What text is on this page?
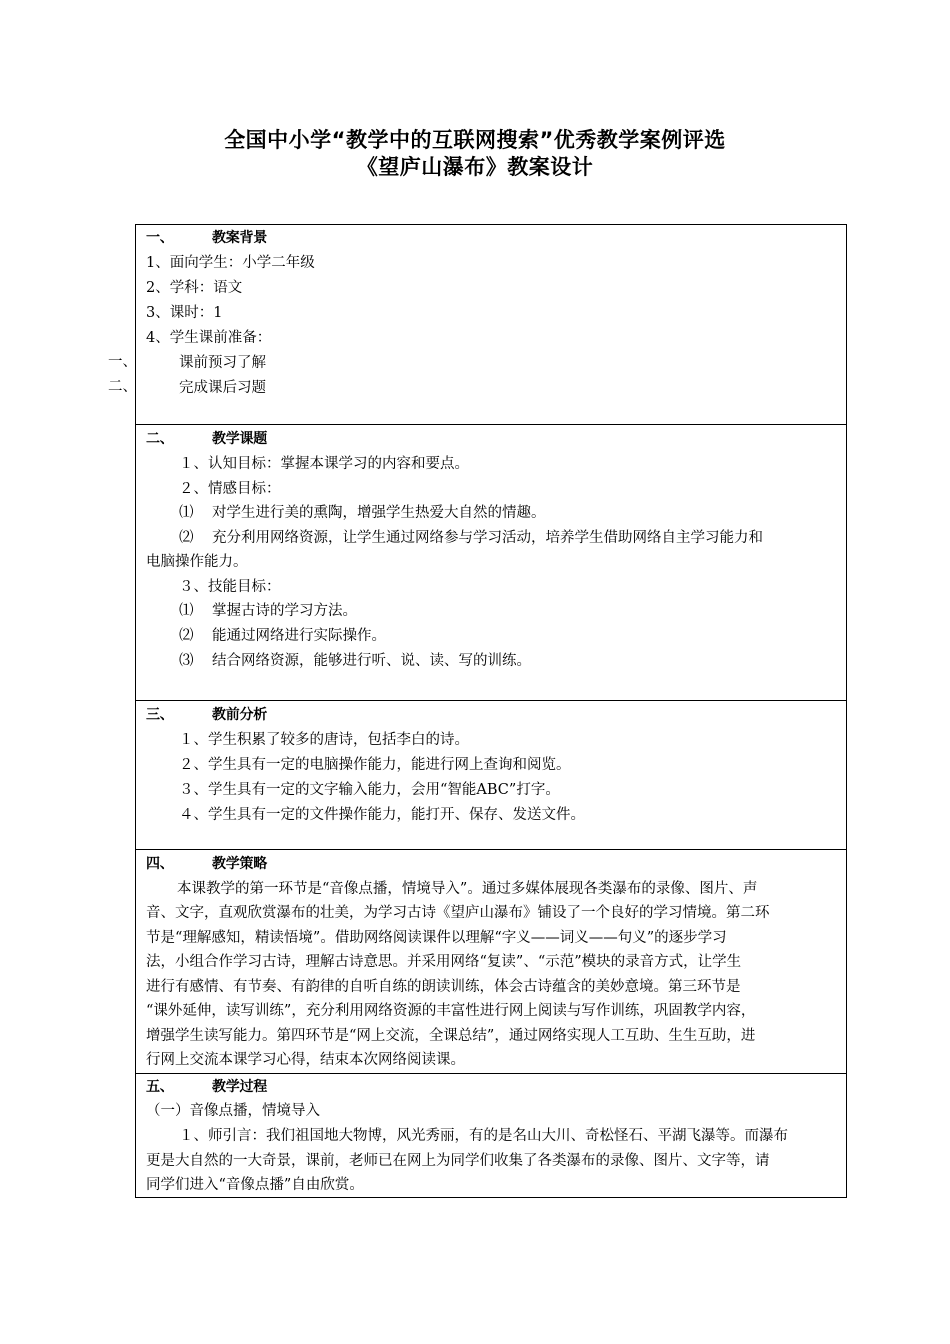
全国中小学“教学中的互联网搜索”优秀教学案例评选
《望庐山瀑布》教案设计
一、
二、
一、	教案背景
1、面向学生：小学二年级
2、学科：语文
3、课时：1
4、学生课前准备：
课前预习了解
完成课后习题
二、	教学课题
１、认知目标：掌握本课学习的内容和要点。
２、情感目标：
⑴ 对学生进行美的熏陶，增强学生热爱大自然的情趣。
⑵ 充分利用网络资源，让学生通过网络参与学习活动，培养学生借助网络自主学习能力和
电脑操作能力。
３、技能目标：
⑴ 掌握古诗的学习方法。
⑵ 能通过网络进行实际操作。
⑶ 结合网络资源，能够进行听、说、读、写的训练。
三、	教前分析
１、学生积累了较多的唐诗，包括李白的诗。
２、学生具有一定的电脑操作能力，能进行网上查询和阅览。
３、学生具有一定的文字输入能力，会用“智能ABC”打字。
４、学生具有一定的文件操作能力，能打开、保存、发送文件。
四、	教学策略
本课教学的第一环节是“音像点播，情境导入”。通过多媒体展现各类瀑布的录像、图片、声
音、文字，直观欣赏瀑布的壮美，为学习古诗《望庐山瀑布》铺设了一个良好的学习情境。第二环
节是“理解感知，精读悟境”。借助网络阅读课件以理解“字义——词义——句义”的逐步学习
法，小组合作学习古诗，理解古诗意思。并采用网络“复读”、“示范”模块的录音方式，让学生
进行有感情、有节奏、有韵律的自听自练的朗读训练，体会古诗蕴含的美妙意境。第三环节是
“课外延伸，读写训练”，充分利用网络资源的丰富性进行网上阅读与写作训练，巩固教学内容，
增强学生读写能力。第四环节是“网上交流，全课总结”，通过网络实现人工互助、生生互助，进
行网上交流本课学习心得，结束本次网络阅读课。
五、	教学过程
（一）音像点播，情境导入
１、师引言：我们祖国地大物博，风光秀丽，有的是名山大川、奇松怪石、平湖飞瀑等。而瀑布
更是大自然的一大奇景，课前，老师已在网上为同学们收集了各类瀑布的录像、图片、文字等，请
同学们进入“音像点播”自由欣赏。
